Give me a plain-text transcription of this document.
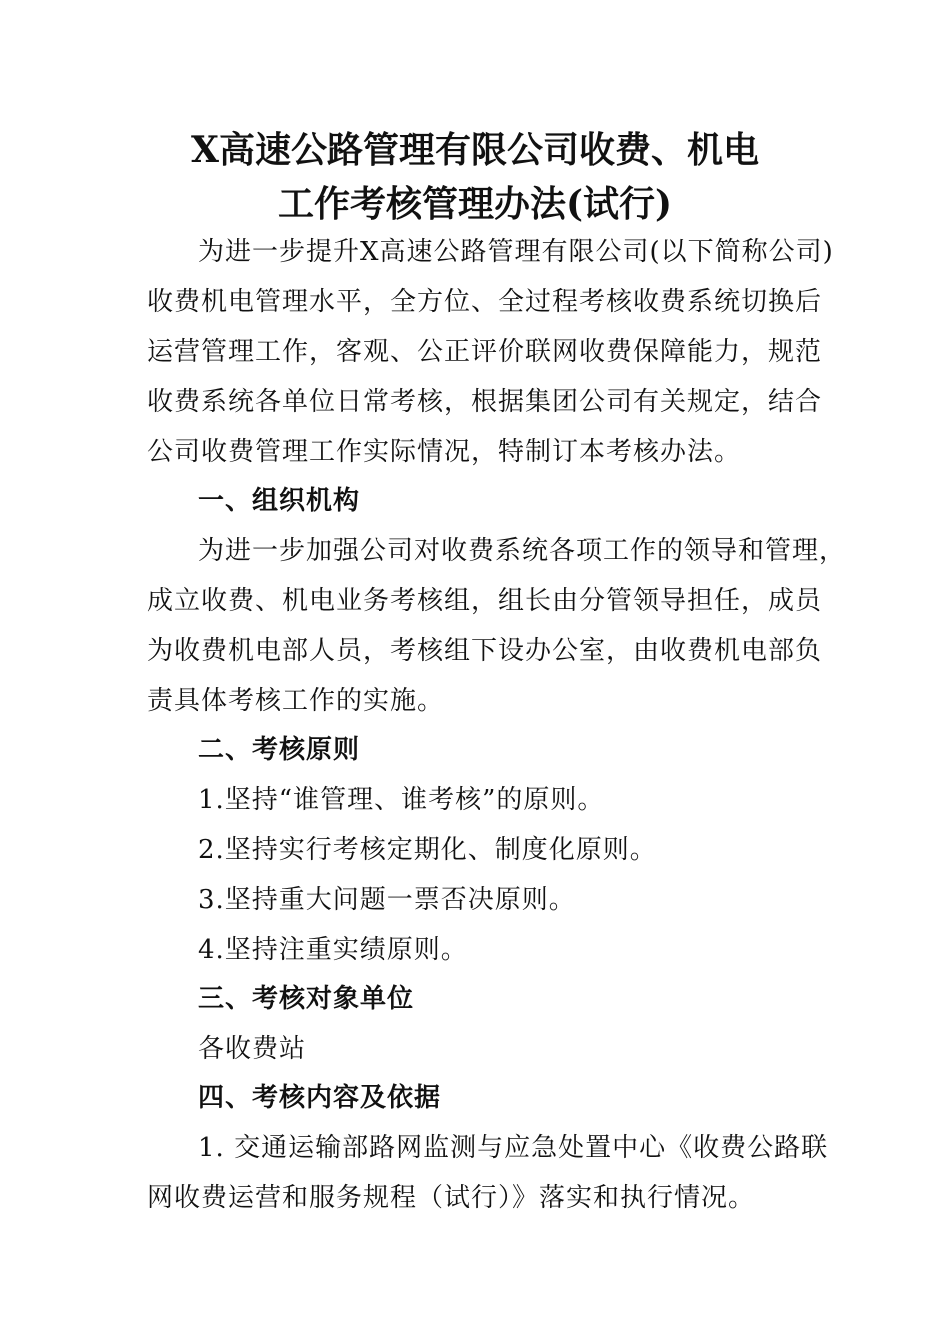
X高速公路管理有限公司收费、机电
工作考核管理办法(试行)
为进一步提升X高速公路管理有限公司(以下简称公司)
收费机电管理水平，全方位、全过程考核收费系统切换后
运营管理工作，客观、公正评价联网收费保障能力，规范
收费系统各单位日常考核，根据集团公司有关规定，结合
公司收费管理工作实际情况，特制订本考核办法。
一、组织机构
为进一步加强公司对收费系统各项工作的领导和管理，
成立收费、机电业务考核组，组长由分管领导担任，成员
为收费机电部人员，考核组下设办公室，由收费机电部负
责具体考核工作的实施。
二、考核原则
1.坚持“谁管理、谁考核”的原则。
2.坚持实行考核定期化、制度化原则。
3.坚持重大问题一票否决原则。
4.坚持注重实绩原则。
三、考核对象单位
各收费站
四、考核内容及依据
1. 交通运输部路网监测与应急处置中心《收费公路联
网收费运营和服务规程（试行）》落实和执行情况。
